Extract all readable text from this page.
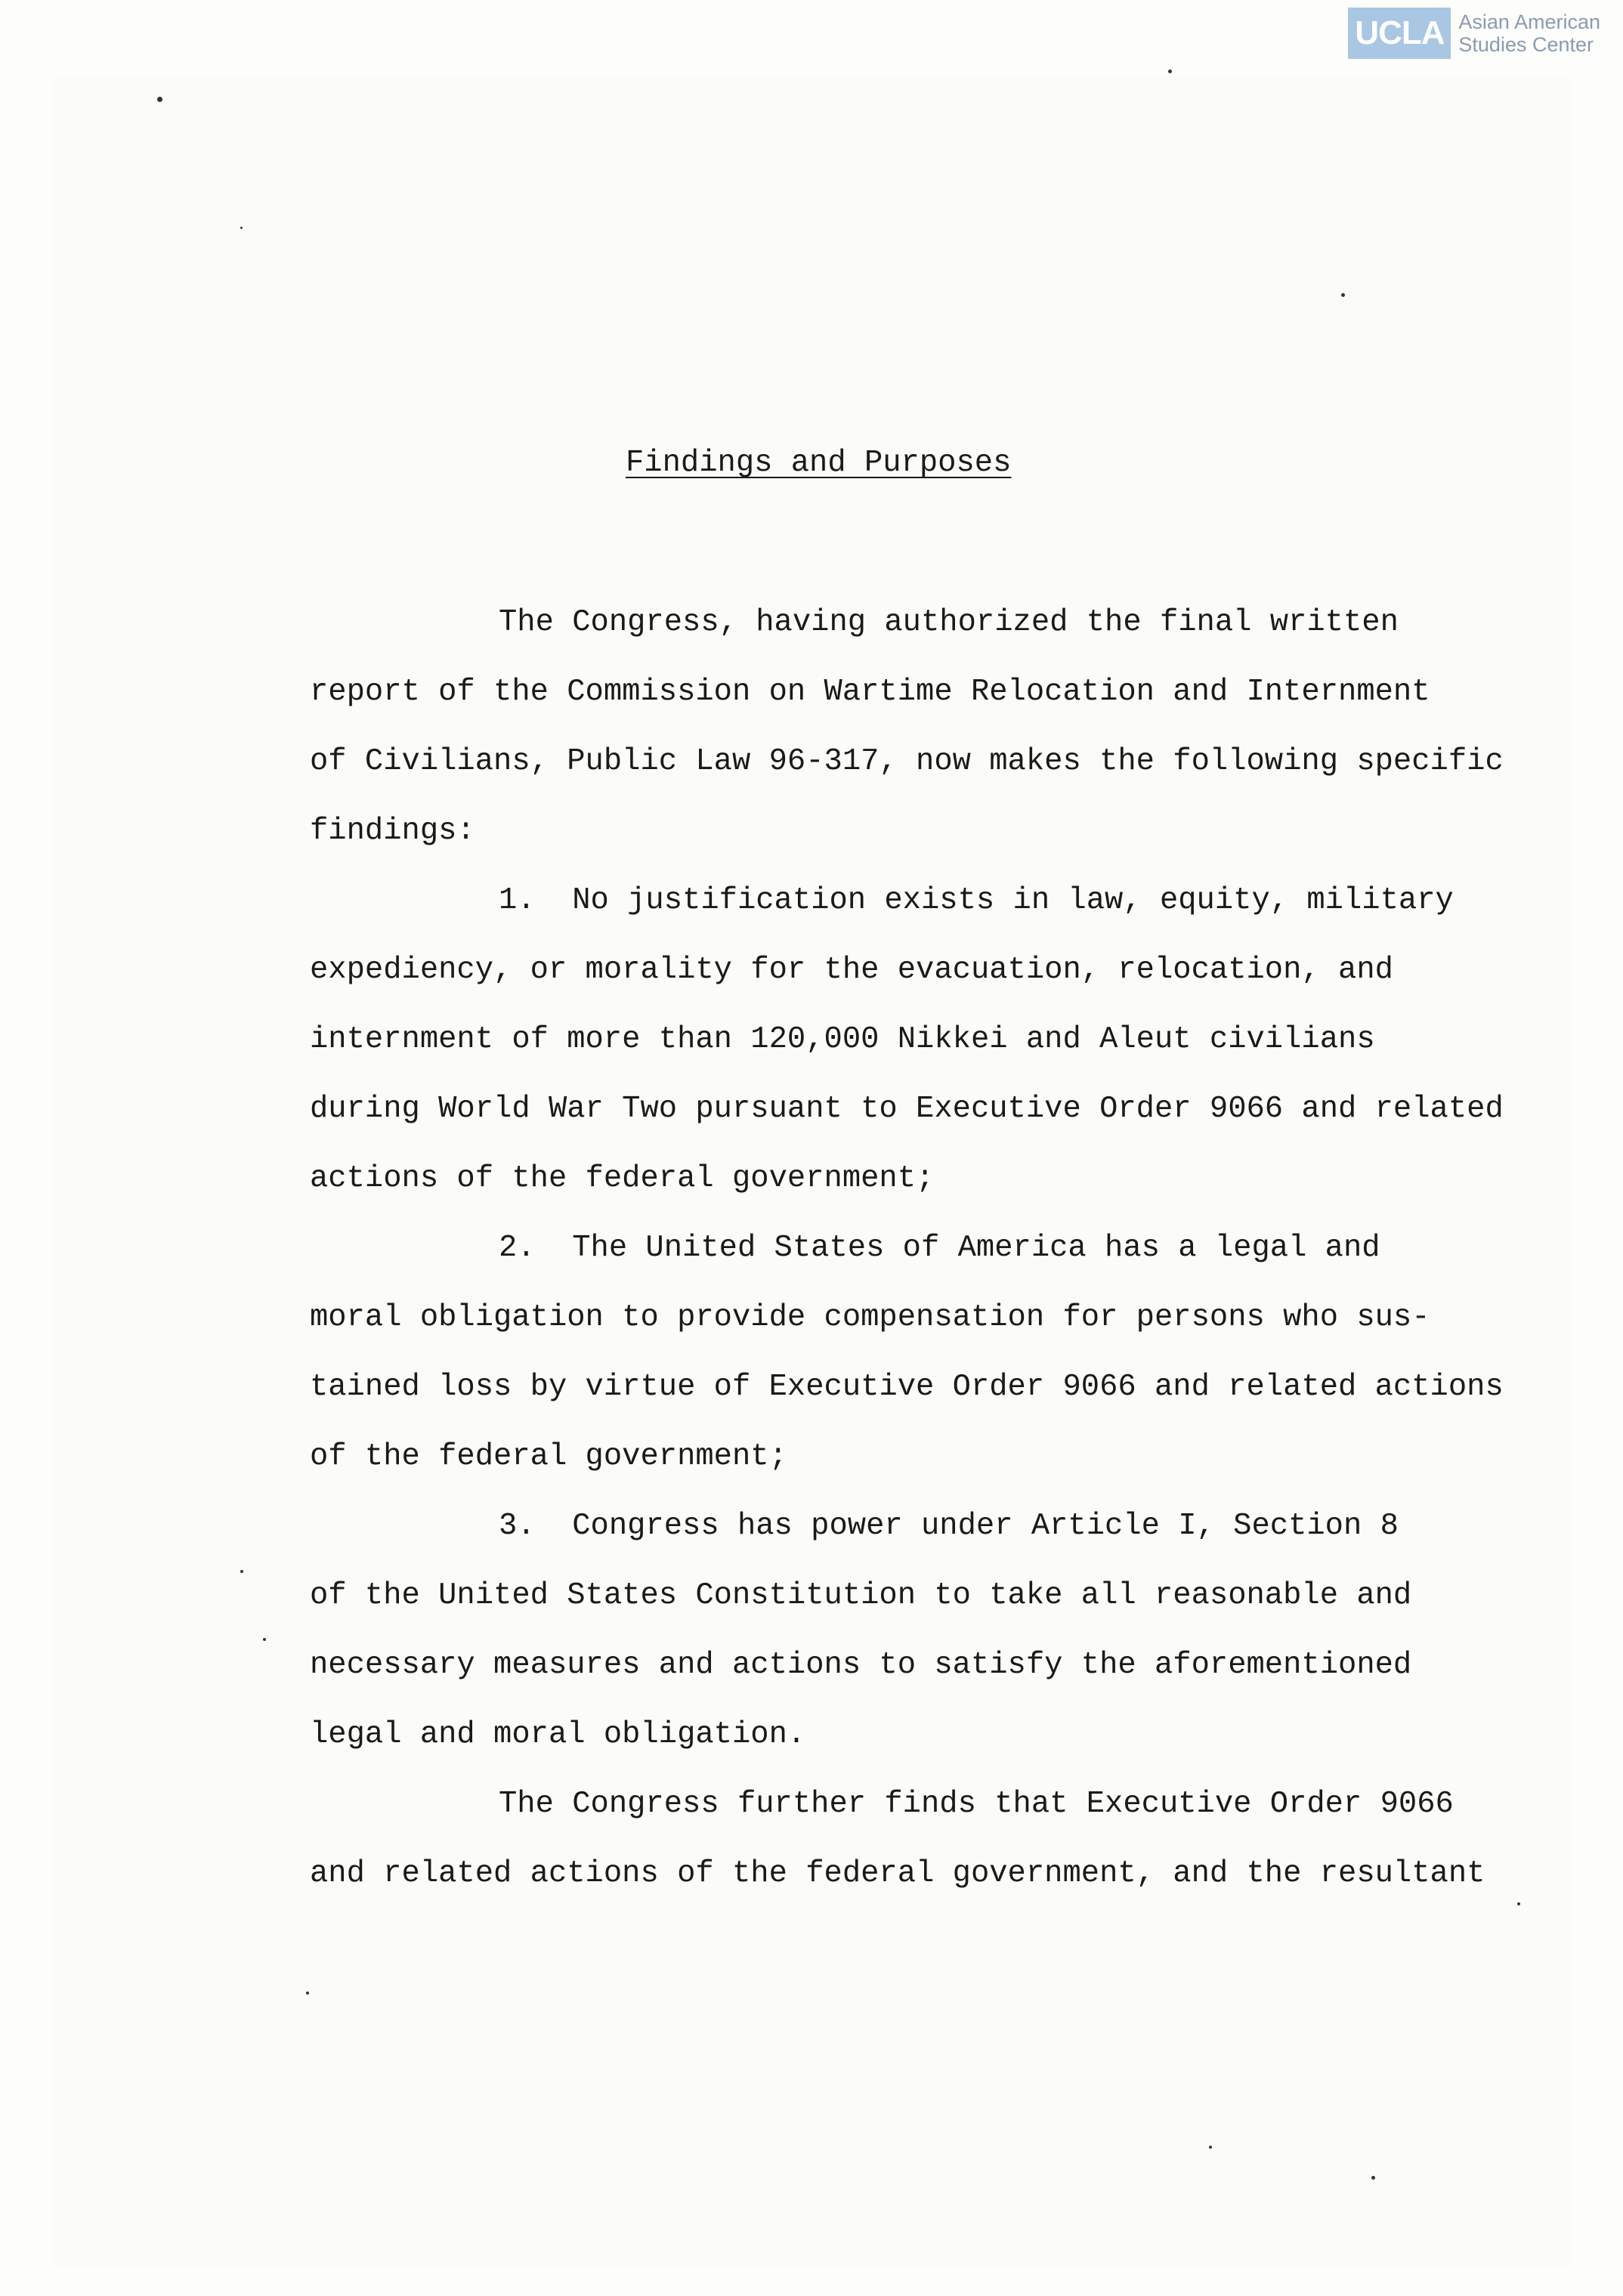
UCLA Asian American
Studies Center
Findings and Purposes
The Congress, having authorized the final written
report of the Commission on Wartime Relocation and Internment
of Civilians, Public Law 96-317, now makes the following specific
findings:
1.  No justification exists in law, equity, military
expediency, or morality for the evacuation, relocation, and
internment of more than 120,000 Nikkei and Aleut civilians
during World War Two pursuant to Executive Order 9066 and related
actions of the federal government;
2.  The United States of America has a legal and
moral obligation to provide compensation for persons who sus-
tained loss by virtue of Executive Order 9066 and related actions
of the federal government;
3.  Congress has power under Article I, Section 8
of the United States Constitution to take all reasonable and
necessary measures and actions to satisfy the aforementioned
legal and moral obligation.
The Congress further finds that Executive Order 9066
and related actions of the federal government, and the resultant
